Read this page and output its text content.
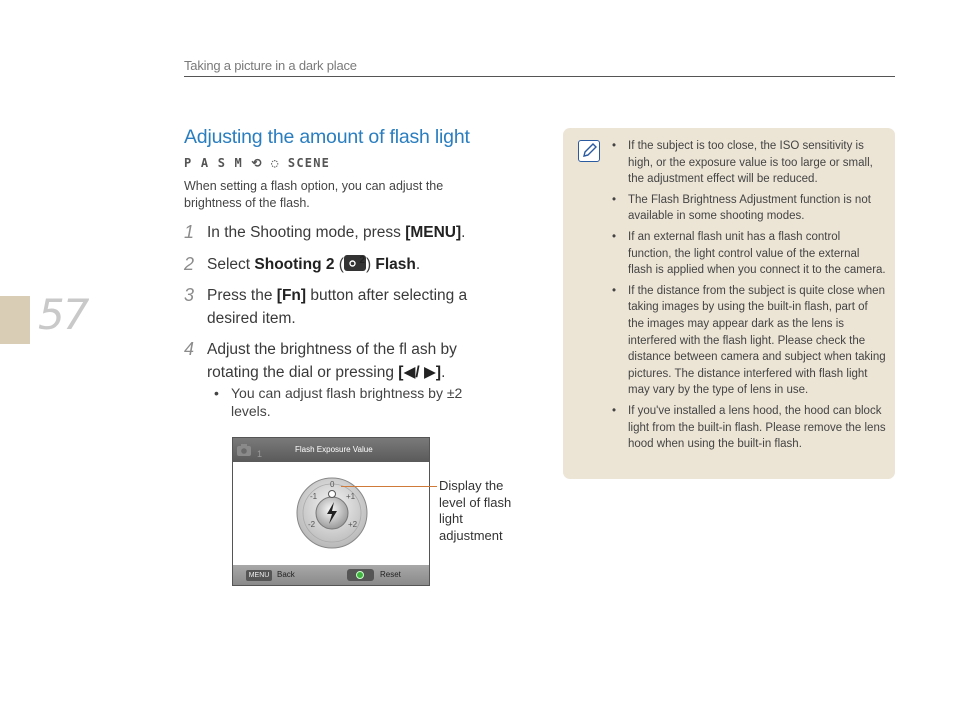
Taking a picture in a dark place
57
Adjusting the amount of flash light
P A S M ⟲ ◌ SCENE
When setting a flash option, you can adjust the brightness of the flash.
1 In the Shooting mode, press [MENU].
2 Select Shooting 2 ( 2 ) Flash.
3 Press the [Fn] button after selecting a desired item.
4 Adjust the brightness of the fl ash by rotating the dial or pressing [◀/ ▶].
• You can adjust flash brightness by ±2 levels.
1	Flash Exposure Value
-2
-1
0
+1
+2
MENU Back	Reset
Display the level of flash light adjustment
• If the subject is too close, the ISO sensitivity is high, or the exposure value is too large or small, the adjustment effect will be reduced.
• The Flash Brightness Adjustment function is not available in some shooting modes.
• If an external flash unit has a flash control function, the light control value of the external flash is applied when you connect it to the camera.
• If the distance from the subject is quite close when taking images by using the built-in flash, part of the images may appear dark as the lens is interfered with the flash light. Please check the distance between camera and subject when taking pictures. The distance interfered with flash light may vary by the type of lens in use.
• If you've installed a lens hood, the hood can block light from the built-in flash. Please remove the lens hood when using the built-in flash.
